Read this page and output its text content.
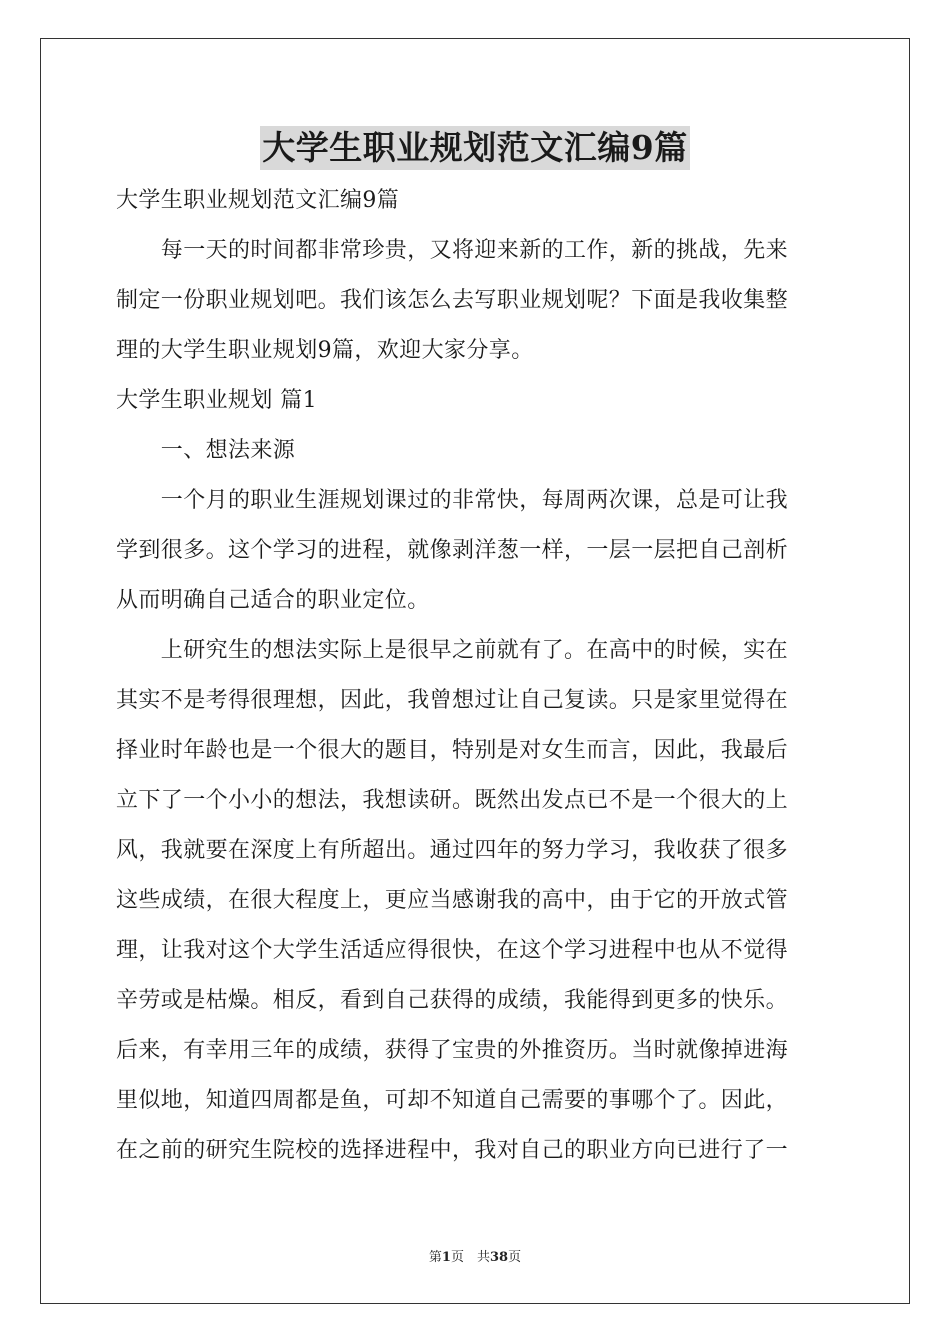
大学生职业规划范文汇编9篇
大学生职业规划范文汇编9篇
　　每一天的时间都非常珍贵，又将迎来新的工作，新的挑战，先来
制定一份职业规划吧。我们该怎么去写职业规划呢？下面是我收集整
理的大学生职业规划9篇，欢迎大家分享。
大学生职业规划 篇1
　　一、想法来源
　　一个月的职业生涯规划课过的非常快，每周两次课，总是可让我
学到很多。这个学习的进程，就像剥洋葱一样，一层一层把自己剖析
从而明确自己适合的职业定位。
　　上研究生的想法实际上是很早之前就有了。在高中的时候，实在
其实不是考得很理想，因此，我曾想过让自己复读。只是家里觉得在
择业时年龄也是一个很大的题目，特别是对女生而言，因此，我最后
立下了一个小小的想法，我想读研。既然出发点已不是一个很大的上
风，我就要在深度上有所超出。通过四年的努力学习，我收获了很多
这些成绩，在很大程度上，更应当感谢我的高中，由于它的开放式管
理，让我对这个大学生活适应得很快，在这个学习进程中也从不觉得
辛劳或是枯燥。相反，看到自己获得的成绩，我能得到更多的快乐。
后来，有幸用三年的成绩，获得了宝贵的外推资历。当时就像掉进海
里似地，知道四周都是鱼，可却不知道自己需要的事哪个了。因此，
在之前的研究生院校的选择进程中，我对自己的职业方向已进行了一
第1页　共38页
